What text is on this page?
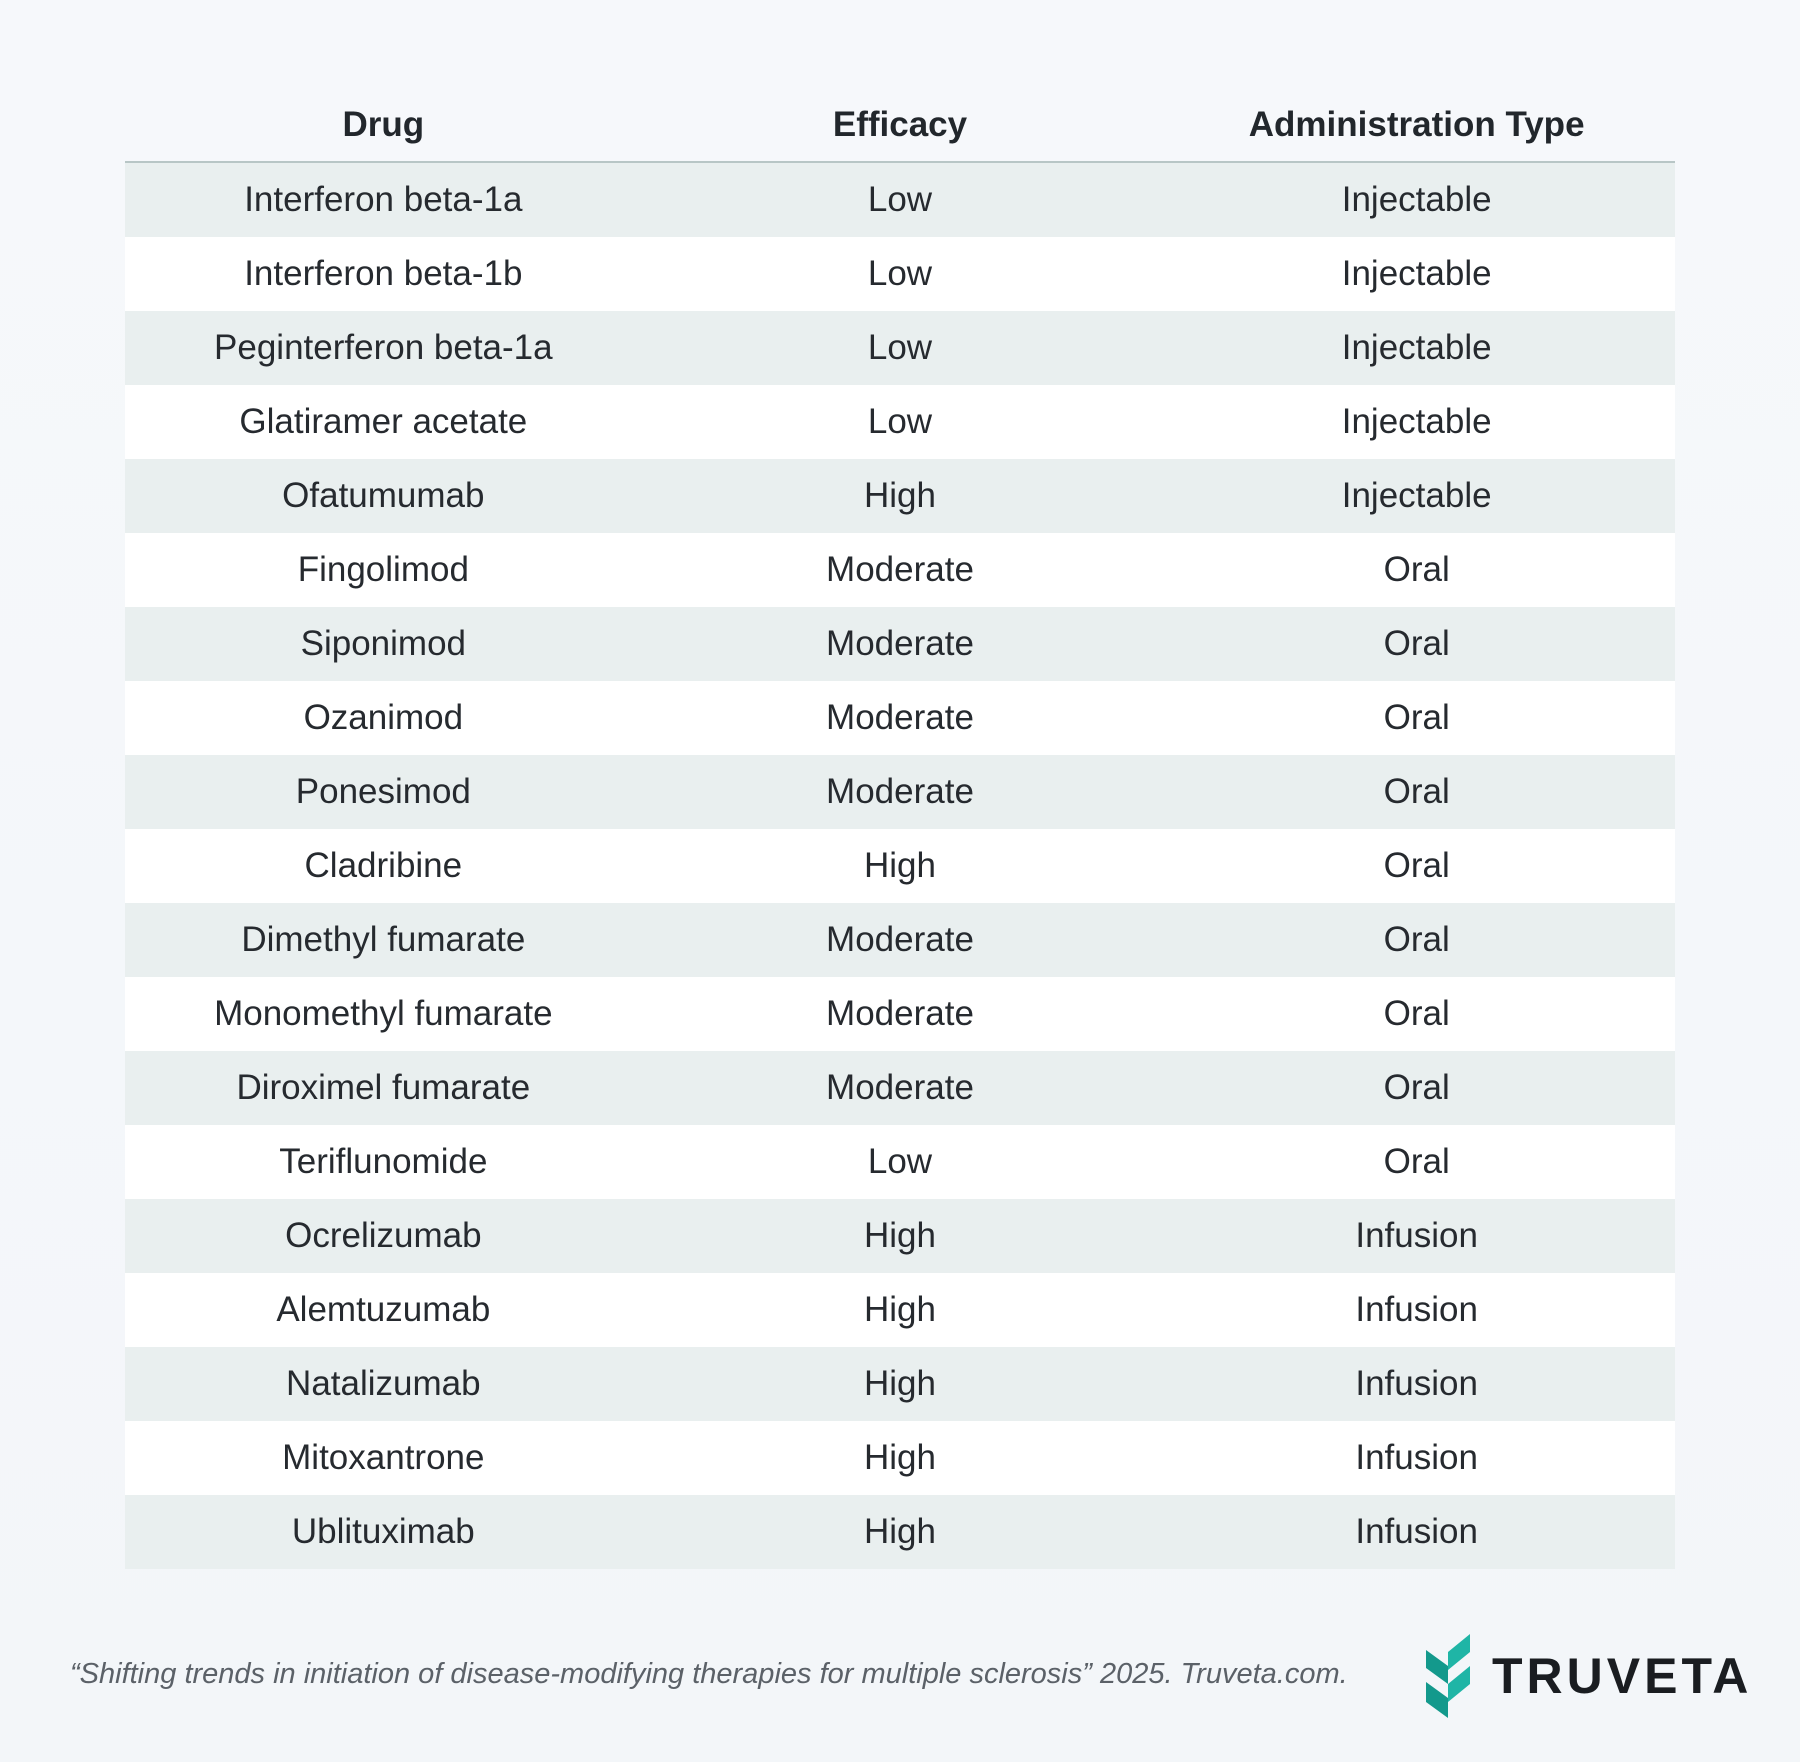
Drug	Efficacy	Administration Type
Interferon beta-1a	Low	Injectable
Interferon beta-1b	Low	Injectable
Peginterferon beta-1a	Low	Injectable
Glatiramer acetate	Low	Injectable
Ofatumumab	High	Injectable
Fingolimod	Moderate	Oral
Siponimod	Moderate	Oral
Ozanimod	Moderate	Oral
Ponesimod	Moderate	Oral
Cladribine	High	Oral
Dimethyl fumarate	Moderate	Oral
Monomethyl fumarate	Moderate	Oral
Diroximel fumarate	Moderate	Oral
Teriflunomide	Low	Oral
Ocrelizumab	High	Infusion
Alemtuzumab	High	Infusion
Natalizumab	High	Infusion
Mitoxantrone	High	Infusion
Ublituximab	High	Infusion
“Shifting trends in initiation of disease-modifying therapies for multiple sclerosis” 2025. Truveta.com.	TRUVETA
